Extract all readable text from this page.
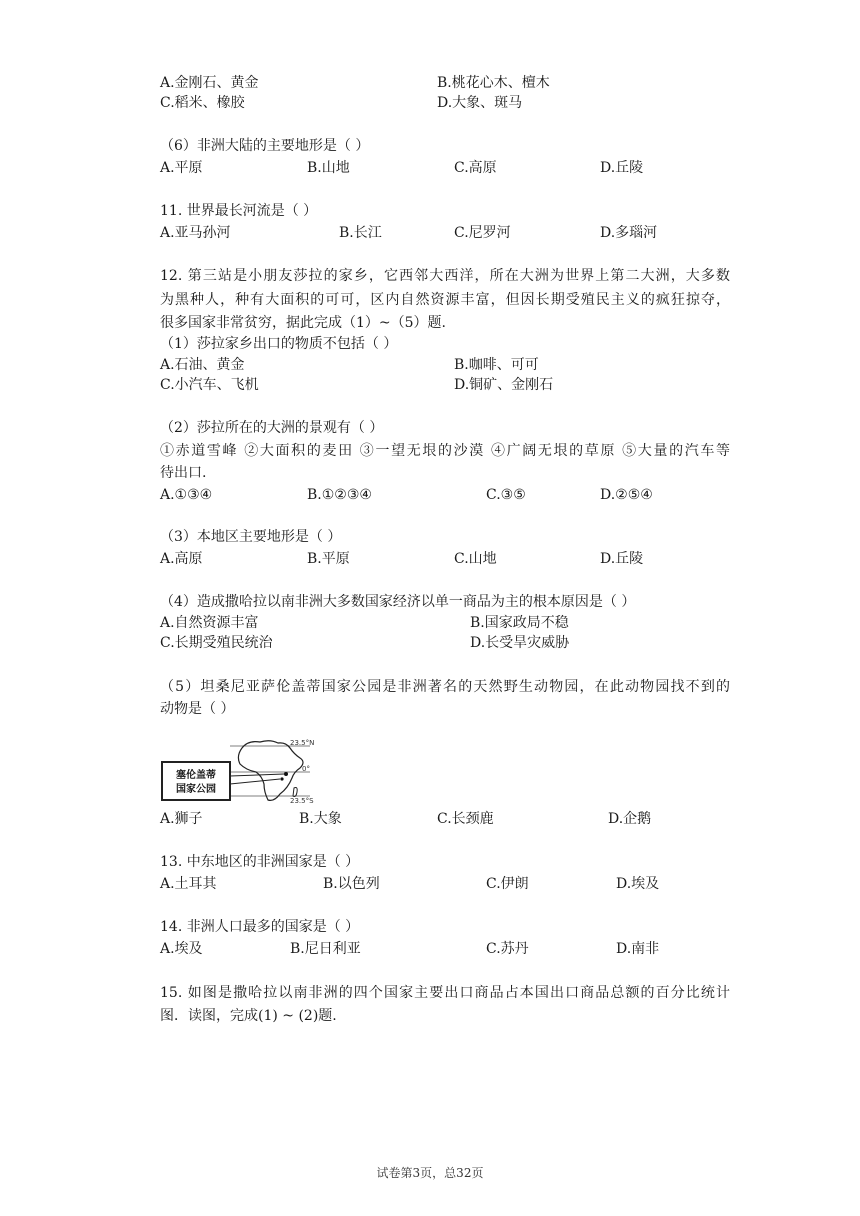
A.金刚石、黄金	B.桃花心木、檀木
C.稻米、橡胶	D.大象、斑马
（6）非洲大陆的主要地形是（ ）
A.平原	B.山地	C.高原	D.丘陵
11. 世界最长河流是（ ）
A.亚马孙河	B.长江	C.尼罗河	D.多瑙河
12. 第三站是小朋友莎拉的家乡，它西邻大西洋，所在大洲为世界上第二大洲，大多数
为黑种人，种有大面积的可可，区内自然资源丰富，但因长期受殖民主义的疯狂掠夺，
很多国家非常贫穷，据此完成（1）~（5）题.
（1）莎拉家乡出口的物质不包括（ ）
A.石油、黄金	B.咖啡、可可
C.小汽车、飞机	D.铜矿、金刚石
（2）莎拉所在的大洲的景观有（ ）
①赤道雪峰 ②大面积的麦田 ③一望无垠的沙漠 ④广阔无垠的草原 ⑤大量的汽车等
待出口.
A.①③④	B.①②③④	C.③⑤	D.②⑤④
（3）本地区主要地形是（ ）
A.高原	B.平原	C.山地	D.丘陵
（4）造成撒哈拉以南非洲大多数国家经济以单一商品为主的根本原因是（ ）
A.自然资源丰富	B.国家政局不稳
C.长期受殖民统治	D.长受旱灾威胁
（5）坦桑尼亚萨伦盖蒂国家公园是非洲著名的天然野生动物园，在此动物园找不到的
动物是（ ）
塞伦盖蒂
国家公园
23.5°N
0°
23.5°S
A.狮子	B.大象	C.长颈鹿	D.企鹅
13. 中东地区的非洲国家是（ ）
A.土耳其	B.以色列	C.伊朗	D.埃及
14. 非洲人口最多的国家是（ ）
A.埃及	B.尼日利亚	C.苏丹	D.南非
15. 如图是撒哈拉以南非洲的四个国家主要出口商品占本国出口商品总额的百分比统计
图．读图，完成(1) ~ (2)题.
试卷第3页，总32页
